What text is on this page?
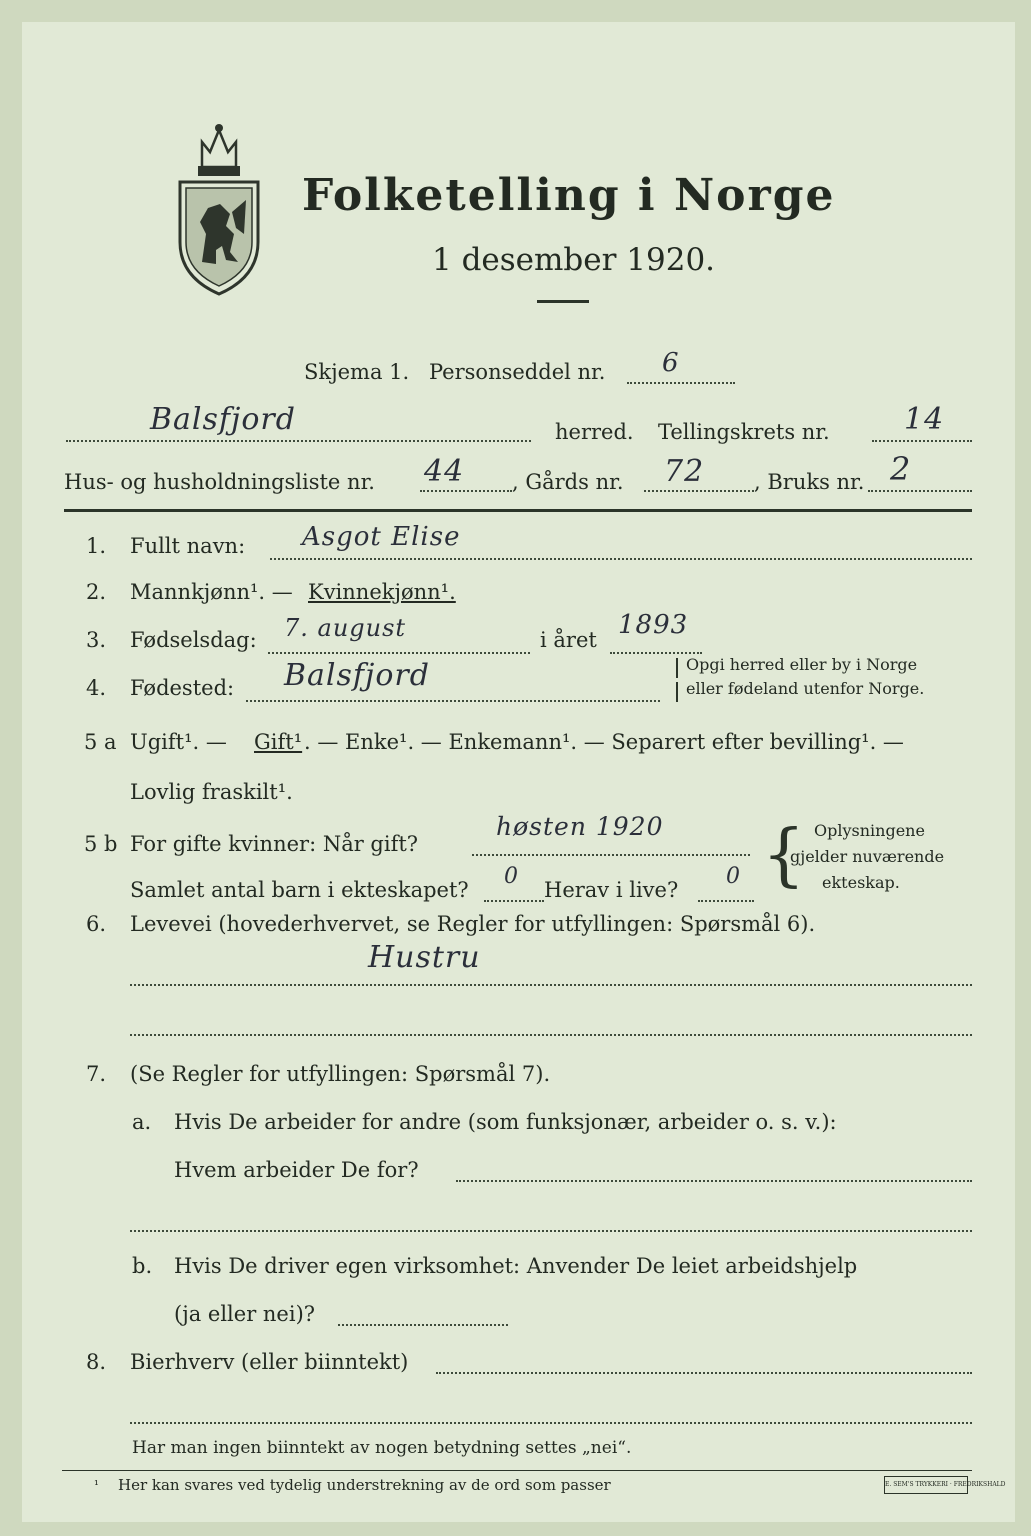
Folketelling i Norge
1 desember 1920.
Skjema 1. Personseddel nr. 6
Balsfjord	herred. Tellingskrets nr. 14
Hus- og husholdningsliste nr. 44 , Gårds nr. 72 , Bruks nr. 2
1. Fullt navn: Asgot Elise
2. Mannkjønn¹. — Kvinnekjønn¹.
3. Fødselsdag: 7. august	i året 1893
4. Fødested: Balsfjord	Opgi herred eller by i Norge
eller fødeland utenfor Norge.
5 a Ugift¹. — Gift¹ . — Enke¹. — Enkemann¹. — Separert efter bevilling¹. —
Lovlig fraskilt¹.
5 b For gifte kvinner: Når gift?
høsten 1920
Samlet antal barn i ekteskapet?
0
Herav i live?
0 { Oplysningene
gjelder nuværende
ekteskap.
6. Levevei (hovederhvervet, se Regler for utfyllingen: Spørsmål 6).
Hustru
7. (Se Regler for utfyllingen: Spørsmål 7).
a. Hvis De arbeider for andre (som funksjonær, arbeider o. s. v.):
Hvem arbeider De for?
b. Hvis De driver egen virksomhet: Anvender De leiet arbeidshjelp
(ja eller nei)?
8. Bierhverv (eller biinntekt)
Har man ingen biinntekt av nogen betydning settes „nei“.
¹ Her kan svares ved tydelig understrekning av de ord som passer	E. SEM'S TRYKKERI · FREDRIKSHALD
